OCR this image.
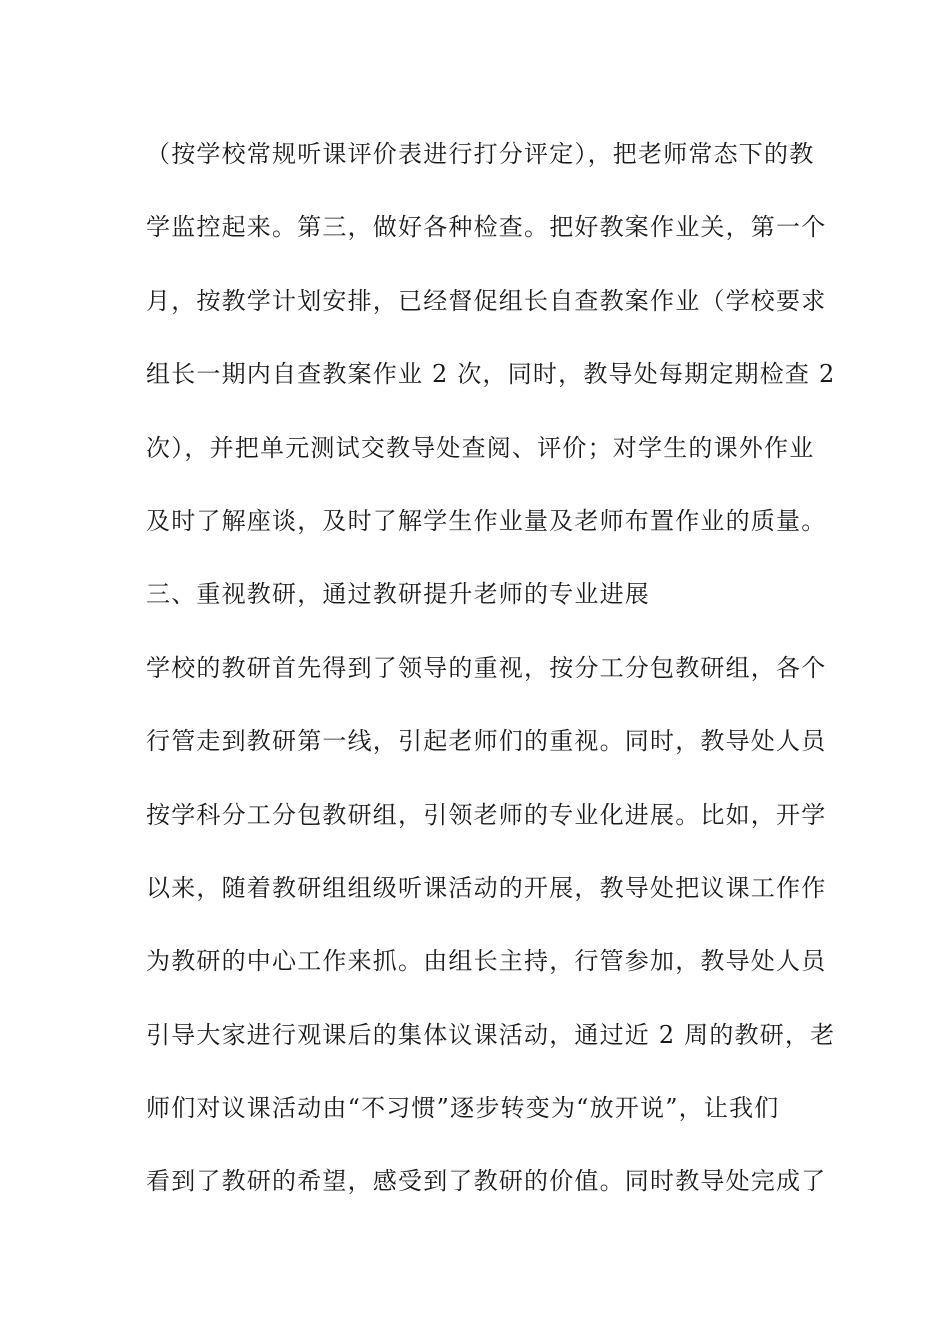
（按学校常规听课评价表进行打分评定），把老师常态下的教
学监控起来。第三，做好各种检查。把好教案作业关，第一个
月，按教学计划安排，已经督促组长自查教案作业（学校要求
组长一期内自查教案作业 2 次，同时，教导处每期定期检查 2
次），并把单元测试交教导处查阅、评价；对学生的课外作业
及时了解座谈，及时了解学生作业量及老师布置作业的质量。
三、重视教研，通过教研提升老师的专业进展
学校的教研首先得到了领导的重视，按分工分包教研组，各个
行管走到教研第一线，引起老师们的重视。同时，教导处人员
按学科分工分包教研组，引领老师的专业化进展。比如，开学
以来，随着教研组组级听课活动的开展，教导处把议课工作作
为教研的中心工作来抓。由组长主持，行管参加，教导处人员
引导大家进行观课后的集体议课活动，通过近 2 周的教研，老
师们对议课活动由“不习惯”逐步转变为“放开说”，让我们
看到了教研的希望，感受到了教研的价值。同时教导处完成了
